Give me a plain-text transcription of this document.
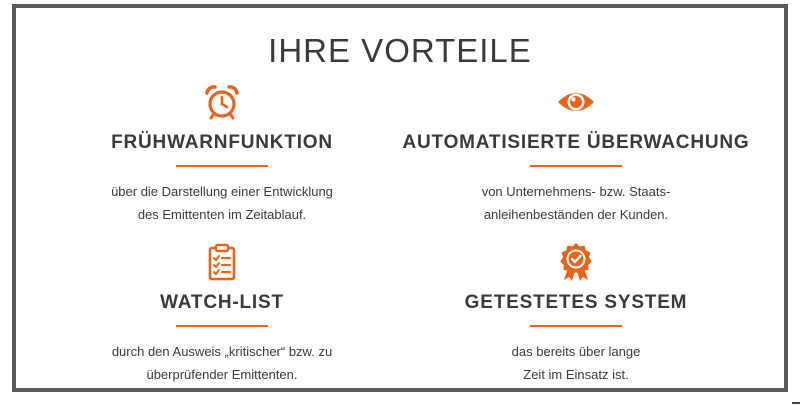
IHRE VORTEILE
FRÜHWARNFUNKTION
über die Darstellung einer Entwicklung
des Emittenten im Zeitablauf.
AUTOMATISIERTE ÜBERWACHUNG
von Unternehmens- bzw. Staats-
anleihenbeständen der Kunden.
WATCH-LIST
durch den Ausweis „kritischer“ bzw. zu
überprüfender Emittenten.
GETESTETES SYSTEM
das bereits über lange
Zeit im Einsatz ist.
